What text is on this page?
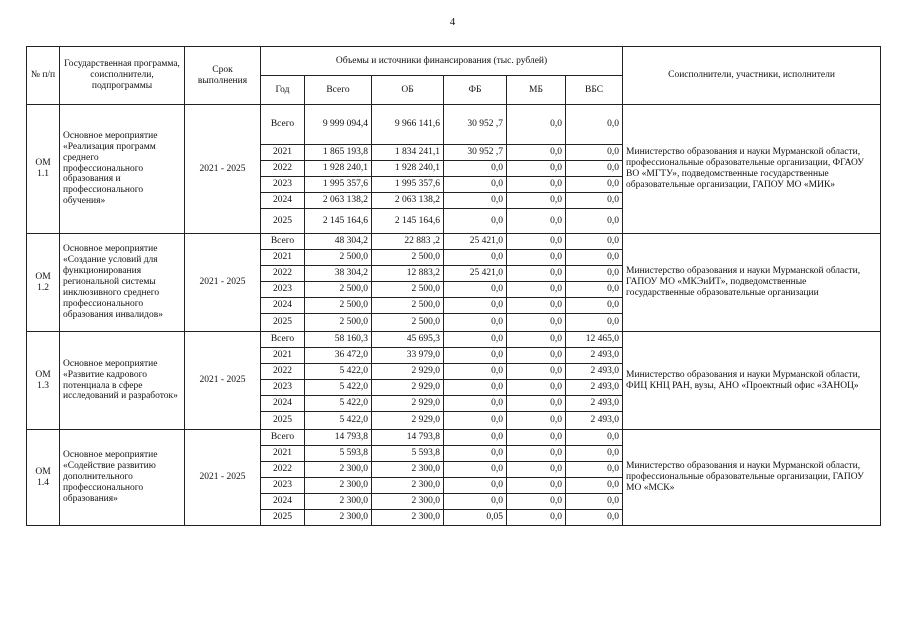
4
№ п/п	Государственная программа, соисполнители, подпрограммы	Срок выполнения	Объемы и источники финансирования (тыс. рублей)						Соисполнители, участники, исполнители
			Год	Всего	ОБ	ФБ	МБ	ВБС	
ОМ 1.1	Основное мероприятие «Реализация программ среднего профессионального образования и профессионального обучения»	2021 - 2025	Всего	9 999 094,4	9 966 141,6	30 952 ,7	0,0	0,0	Министерство образования и науки Мурманской области, профессиональные образовательные организации, ФГАОУ ВО «МГТУ», подведомственные государственные образовательные организации, ГАПОУ МО «МИК»
			2021	1 865 193,8	1 834 241,1	30 952 ,7	0,0	0,0	
			2022	1 928 240,1	1 928 240,1	0,0	0,0	0,0	
			2023	1 995 357,6	1 995 357,6	0,0	0,0	0,0	
			2024	2 063 138,2	2 063 138,2	0,0	0,0	0,0	
			2025	2 145 164,6	2 145 164,6	0,0	0,0	0,0	
ОМ 1.2	Основное мероприятие «Создание условий для функционирования региональной системы инклюзивного среднего профессионального образования инвалидов»	2021 - 2025	Всего	48 304,2	22 883 ,2	25 421,0	0,0	0,0	Министерство образования и науки Мурманской области, ГАПОУ МО «МКЭиИТ», подведомственные государственные образовательные организации
			2021	2 500,0	2 500,0	0,0	0,0	0,0	
			2022	38 304,2	12 883,2	25 421,0	0,0	0,0	
			2023	2 500,0	2 500,0	0,0	0,0	0,0	
			2024	2 500,0	2 500,0	0,0	0,0	0,0	
			2025	2 500,0	2 500,0	0,0	0,0	0,0	
ОМ 1.3	Основное мероприятие «Развитие кадрового потенциала в сфере исследований и разработок»	2021 - 2025	Всего	58 160,3	45 695,3	0,0	0,0	12 465,0	Министерство образования и науки Мурманской области, ФИЦ КНЦ РАН, вузы, АНО «Проектный офис «ЗАНОЦ»
			2021	36 472,0	33 979,0	0,0	0,0	2 493,0	
			2022	5 422,0	2 929,0	0,0	0,0	2 493,0	
			2023	5 422,0	2 929,0	0,0	0,0	2 493,0	
			2024	5 422,0	2 929,0	0,0	0,0	2 493,0	
			2025	5 422,0	2 929,0	0,0	0,0	2 493,0	
ОМ 1.4	Основное мероприятие «Содействие развитию дополнительного профессионального образования»	2021 - 2025	Всего	14 793,8	14 793,8	0,0	0,0	0,0	Министерство образования и науки Мурманской области, профессиональные образовательные организации, ГАПОУ МО «МСК»
			2021	5 593,8	5 593,8	0,0	0,0	0,0	
			2022	2 300,0	2 300,0	0,0	0,0	0,0	
			2023	2 300,0	2 300,0	0,0	0,0	0,0	
			2024	2 300,0	2 300,0	0,0	0,0	0,0	
			2025	2 300,0	2 300,0	0,05	0,0	0,0	
